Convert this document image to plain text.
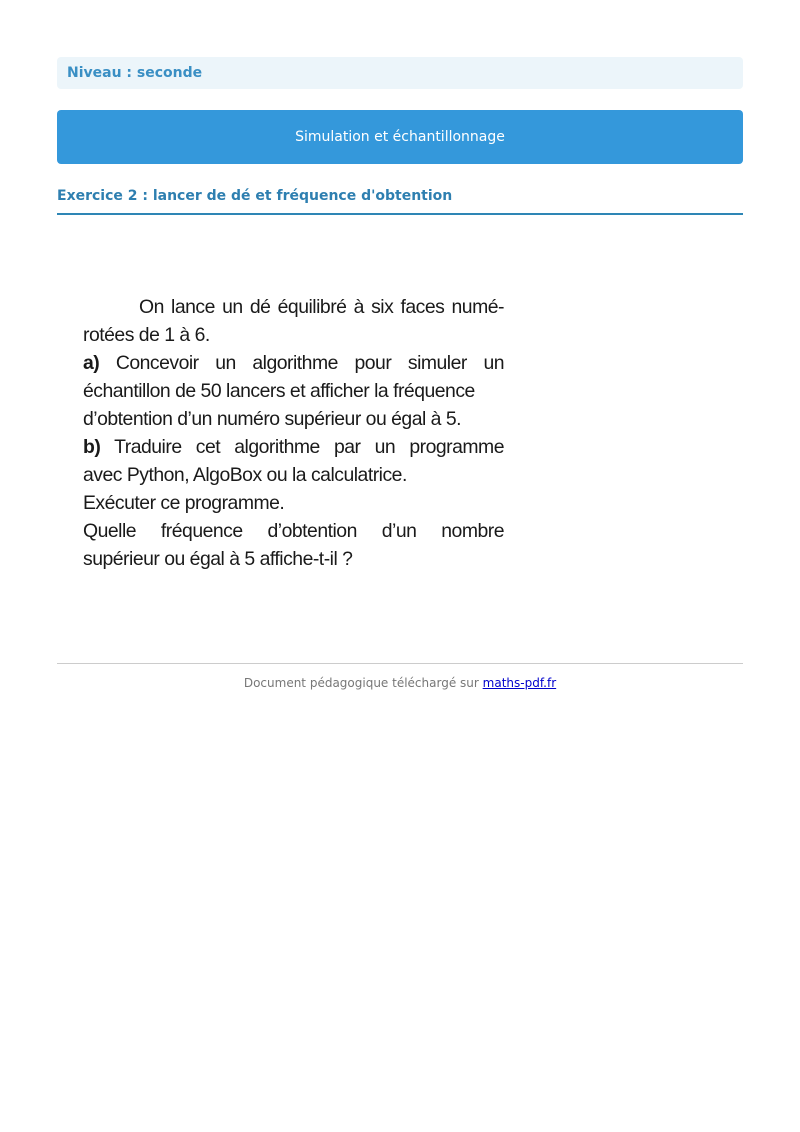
Niveau : seconde
Simulation et échantillonnage
Exercice 2 : lancer de dé et fréquence d'obtention
On lance un dé équilibré à six faces numé-
rotées de 1 à 6.
a) Concevoir un algorithme pour simuler un
échantillon de 50 lancers et afficher la fréquence
d’obtention d’un numéro supérieur ou égal à 5.
b) Traduire cet algorithme par un programme
avec Python, AlgoBox ou la calculatrice.
Exécuter ce programme.
Quelle fréquence d’obtention d’un nombre
supérieur ou égal à 5 affiche-t-il ?
Document pédagogique téléchargé sur maths-pdf.fr
